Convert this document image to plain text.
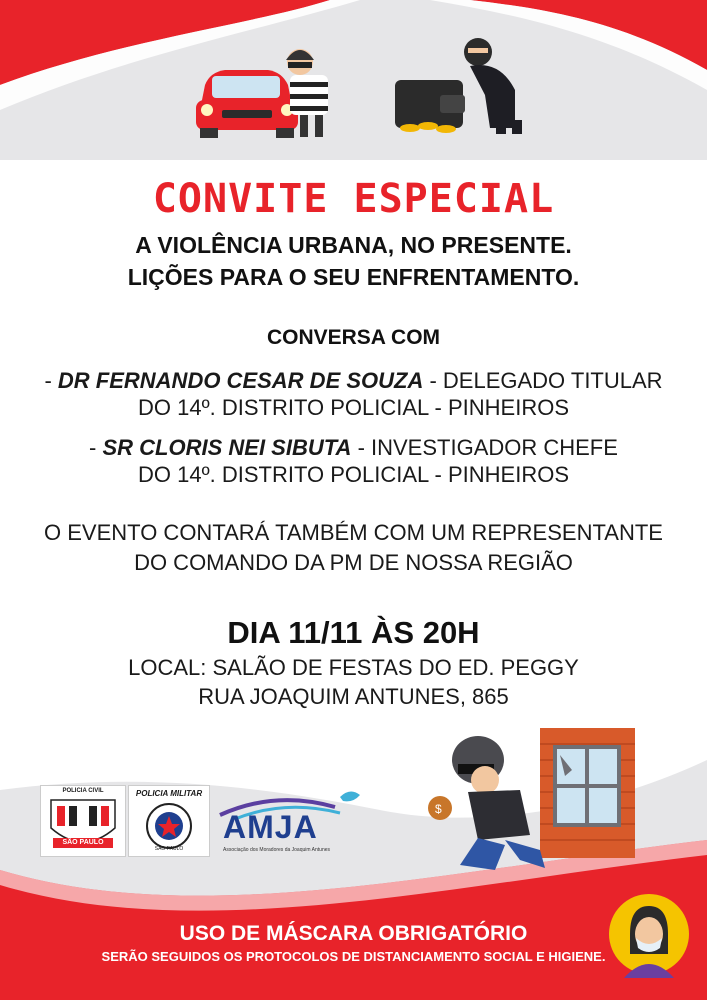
CONVITE ESPECIAL
A VIOLÊNCIA URBANA, NO PRESENTE.
LIÇÕES PARA O SEU ENFRENTAMENTO.
CONVERSA COM
- DR FERNANDO CESAR DE SOUZA - DELEGADO TITULAR
DO 14º. DISTRITO POLICIAL - PINHEIROS
- SR CLORIS NEI SIBUTA - INVESTIGADOR CHEFE
DO 14º. DISTRITO POLICIAL - PINHEIROS
O EVENTO CONTARÁ TAMBÉM COM UM REPRESENTANTE
DO COMANDO DA PM DE NOSSA REGIÃO
DIA 11/11 ÀS 20H
LOCAL: SALÃO DE FESTAS DO ED. PEGGY
RUA JOAQUIM ANTUNES, 865
$
POLICIA CIVIL
SÃO PAULO
POLICIA MILITAR
SÃO PAULO
AMJA
Associação dos Moradores da Joaquim Antunes
USO DE MÁSCARA OBRIGATÓRIO
SERÃO SEGUIDOS OS PROTOCOLOS DE DISTANCIAMENTO SOCIAL E HIGIENE.
